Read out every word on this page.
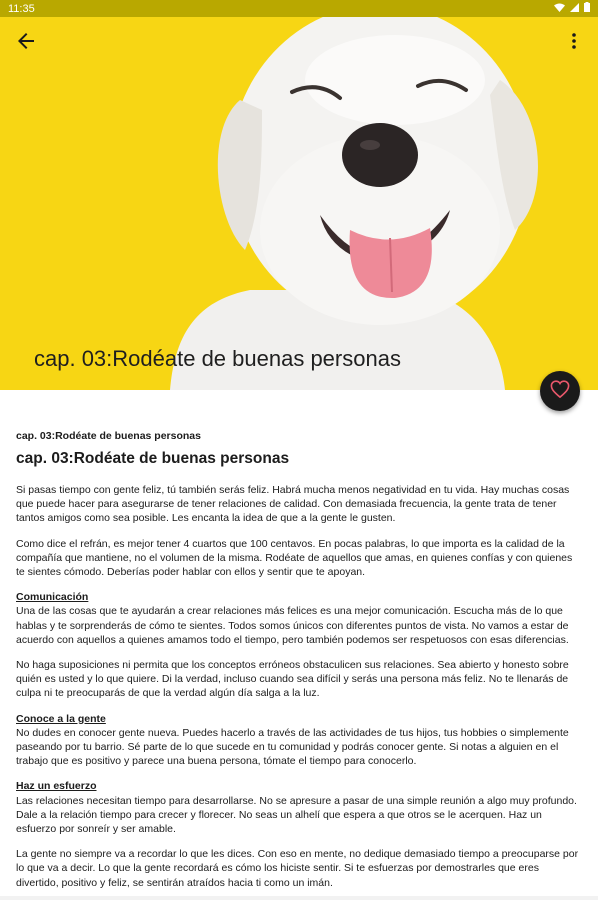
11:35
cap. 03:Rodéate de buenas personas
cap. 03:Rodéate de buenas personas
cap. 03:Rodéate de buenas personas

Si pasas tiempo con gente feliz, tú también serás feliz. Habrá mucha menos negatividad en tu vida. Hay muchas cosas que puede hacer para asegurarse de tener relaciones de calidad. Con demasiada frecuencia, la gente trata de tener tantos amigos como sea posible. Les encanta la idea de que a la gente le gusten.

Como dice el refrán, es mejor tener 4 cuartos que 100 centavos. En pocas palabras, lo que importa es la calidad de la compañía que mantiene, no el volumen de la misma. Rodéate de aquellos que amas, en quienes confías y con quienes te sientes cómodo. Deberías poder hablar con ellos y sentir que te apoyan.

Comunicación
Una de las cosas que te ayudarán a crear relaciones más felices es una mejor comunicación. Escucha más de lo que hablas y te sorprenderás de cómo te sientes. Todos somos únicos con diferentes puntos de vista. No vamos a estar de acuerdo con aquellos a quienes amamos todo el tiempo, pero también podemos ser respetuosos con esas diferencias.

No haga suposiciones ni permita que los conceptos erróneos obstaculicen sus relaciones. Sea abierto y honesto sobre quién es usted y lo que quiere. Di la verdad, incluso cuando sea difícil y serás una persona más feliz. No te llenarás de culpa ni te preocuparás de que la verdad algún día salga a la luz.

Conoce a la gente
No dudes en conocer gente nueva. Puedes hacerlo a través de las actividades de tus hijos, tus hobbies o simplemente paseando por tu barrio. Sé parte de lo que sucede en tu comunidad y podrás conocer gente. Si notas a alguien en el trabajo que es positivo y parece una buena persona, tómate el tiempo para conocerlo.

Haz un esfuerzo
Las relaciones necesitan tiempo para desarrollarse. No se apresure a pasar de una simple reunión a algo muy profundo. Dale a la relación tiempo para crecer y florecer. No seas un alhelí que espera a que otros se le acerquen. Haz un esfuerzo por sonreír y ser amable.

La gente no siempre va a recordar lo que les dices. Con eso en mente, no dedique demasiado tiempo a preocuparse por lo que va a decir. Lo que la gente recordará es cómo los hiciste sentir. Si te esfuerzas por demostrarles que eres divertido, positivo y feliz, se sentirán atraídos hacia ti como un imán.
